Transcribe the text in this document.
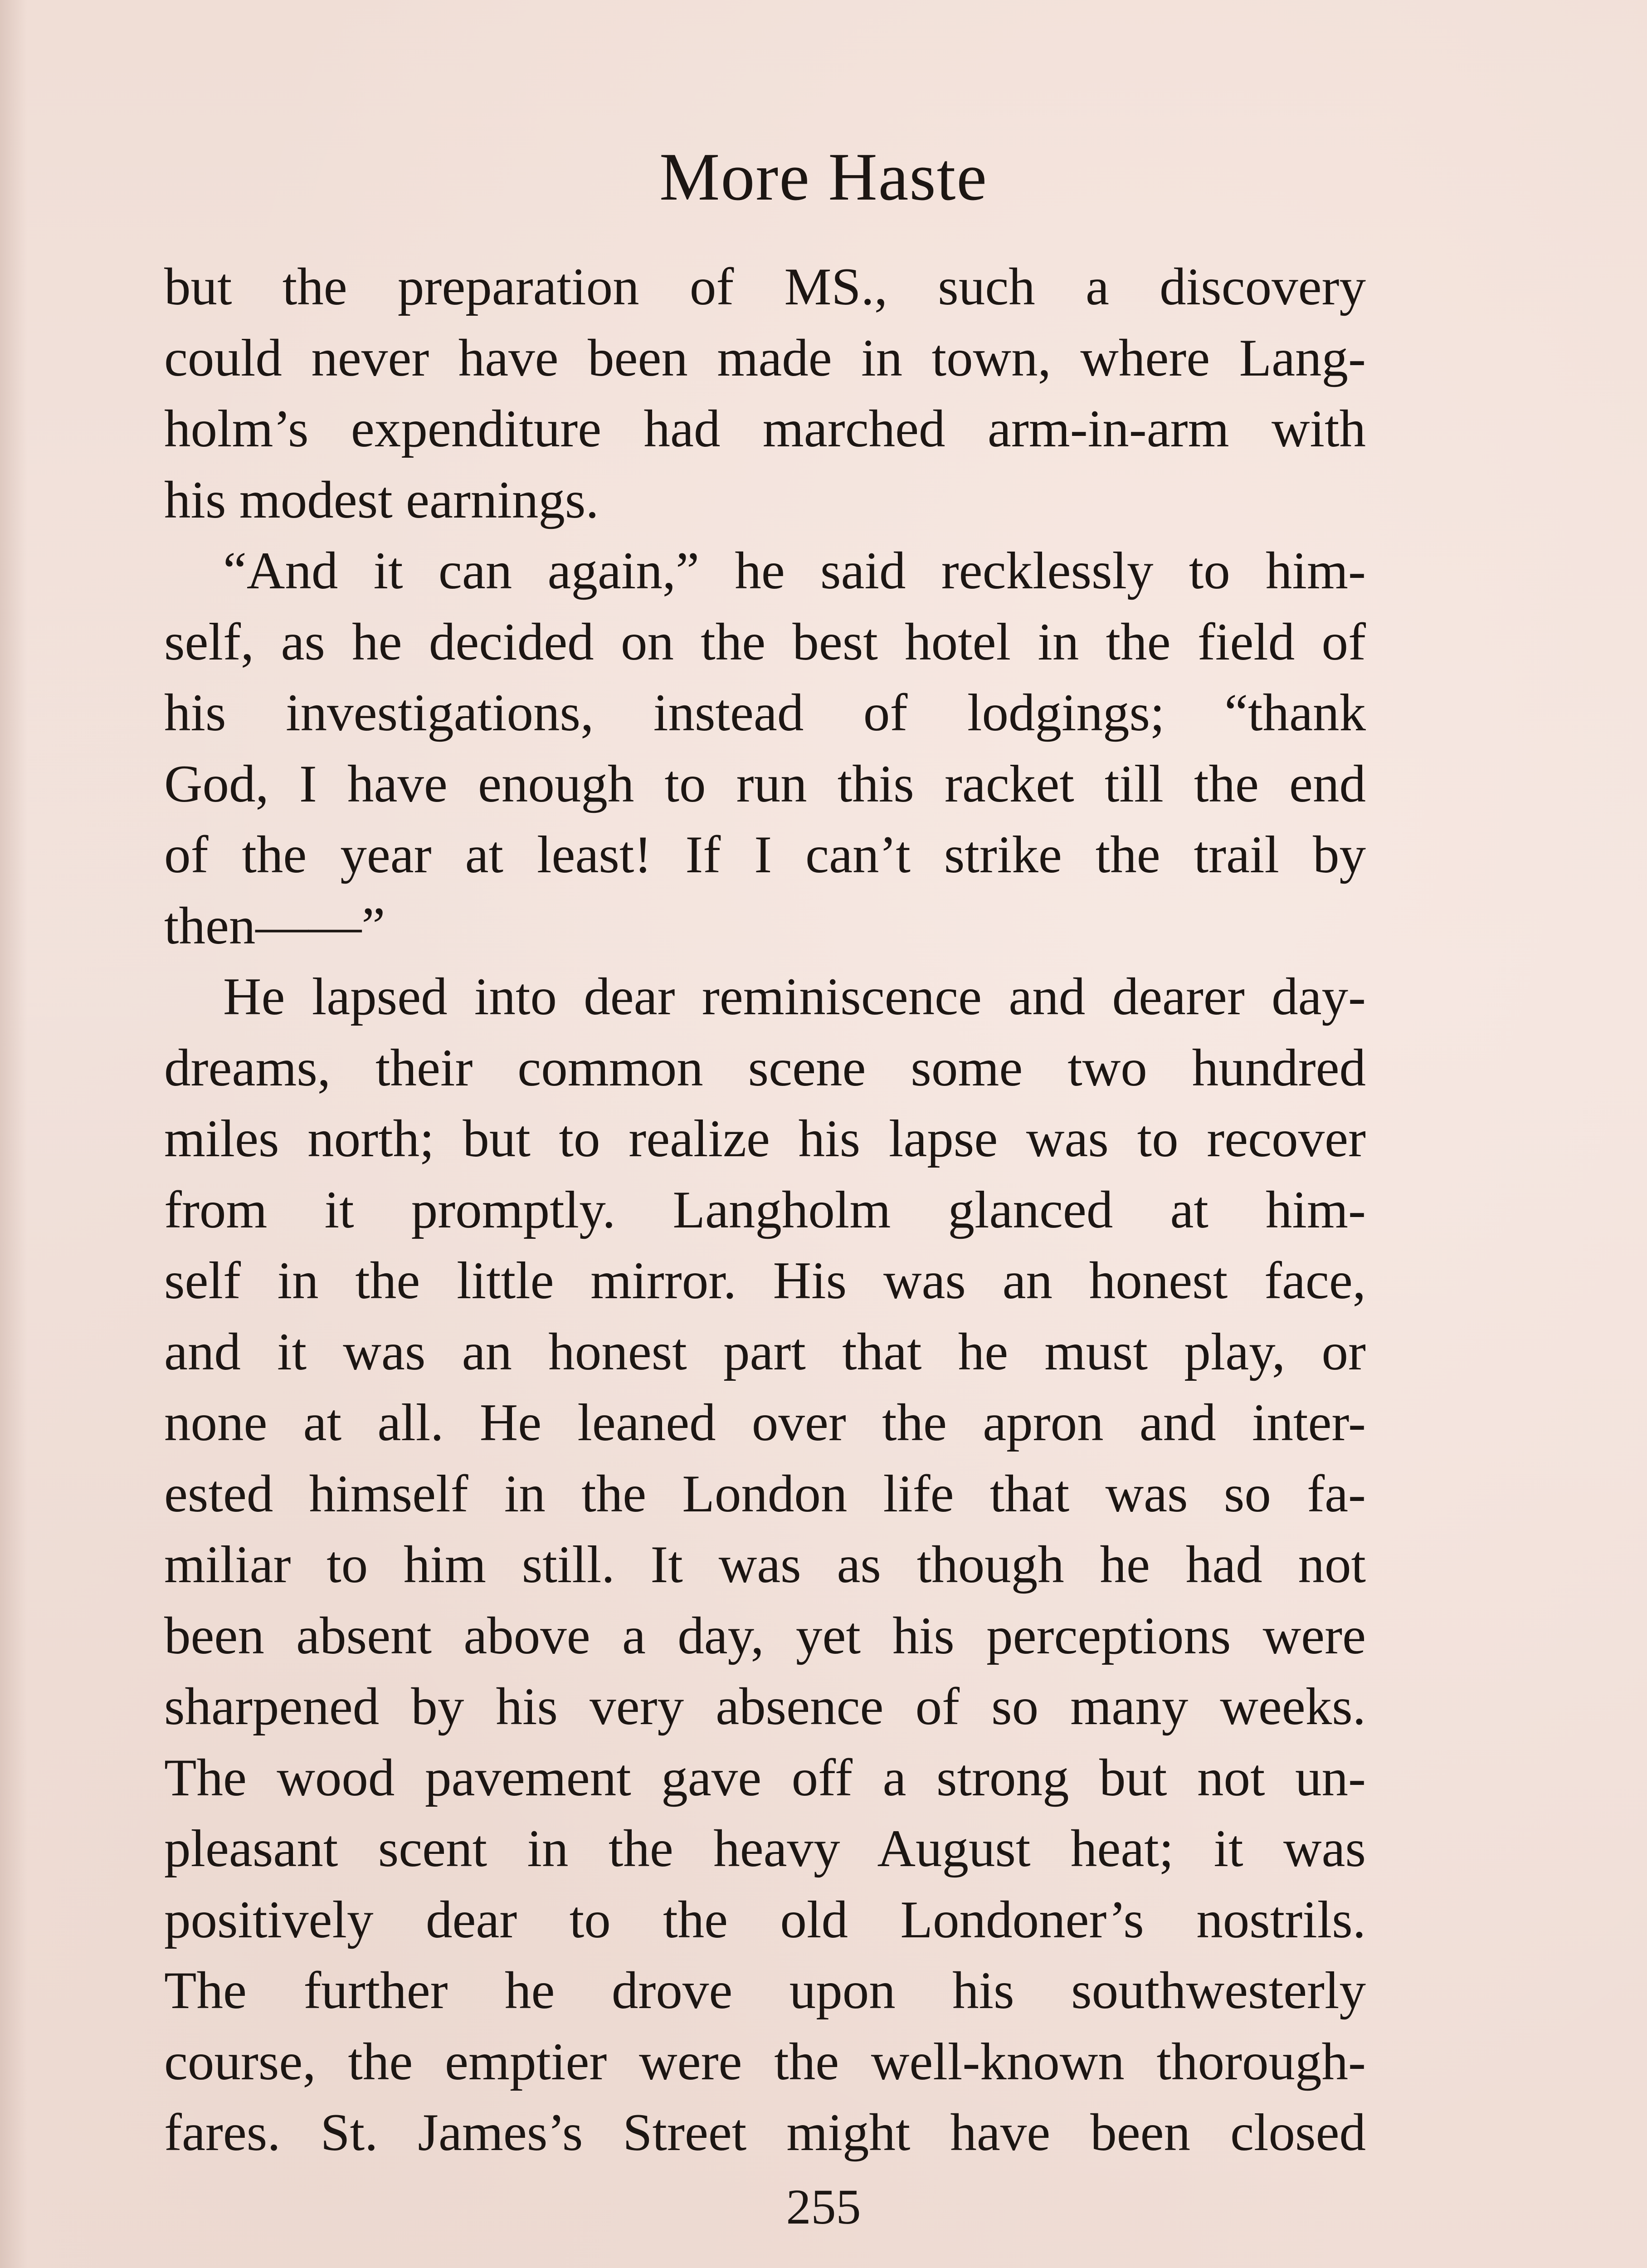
More Haste
but the preparation of MS., such a discovery
could never have been made in town, where Lang-
holm’s expenditure had marched arm-in-arm with
his modest earnings.
“And it can again,” he said recklessly to him-
self, as he decided on the best hotel in the field of
his investigations, instead of lodgings; “thank
God, I have enough to run this racket till the end
of the year at least! If I can’t strike the trail by
then——”
He lapsed into dear reminiscence and dearer day-
dreams, their common scene some two hundred
miles north; but to realize his lapse was to recover
from it promptly. Langholm glanced at him-
self in the little mirror. His was an honest face,
and it was an honest part that he must play, or
none at all. He leaned over the apron and inter-
ested himself in the London life that was so fa-
miliar to him still. It was as though he had not
been absent above a day, yet his perceptions were
sharpened by his very absence of so many weeks.
The wood pavement gave off a strong but not un-
pleasant scent in the heavy August heat; it was
positively dear to the old Londoner’s nostrils.
The further he drove upon his southwesterly
course, the emptier were the well-known thorough-
fares. St. James’s Street might have been closed
255
